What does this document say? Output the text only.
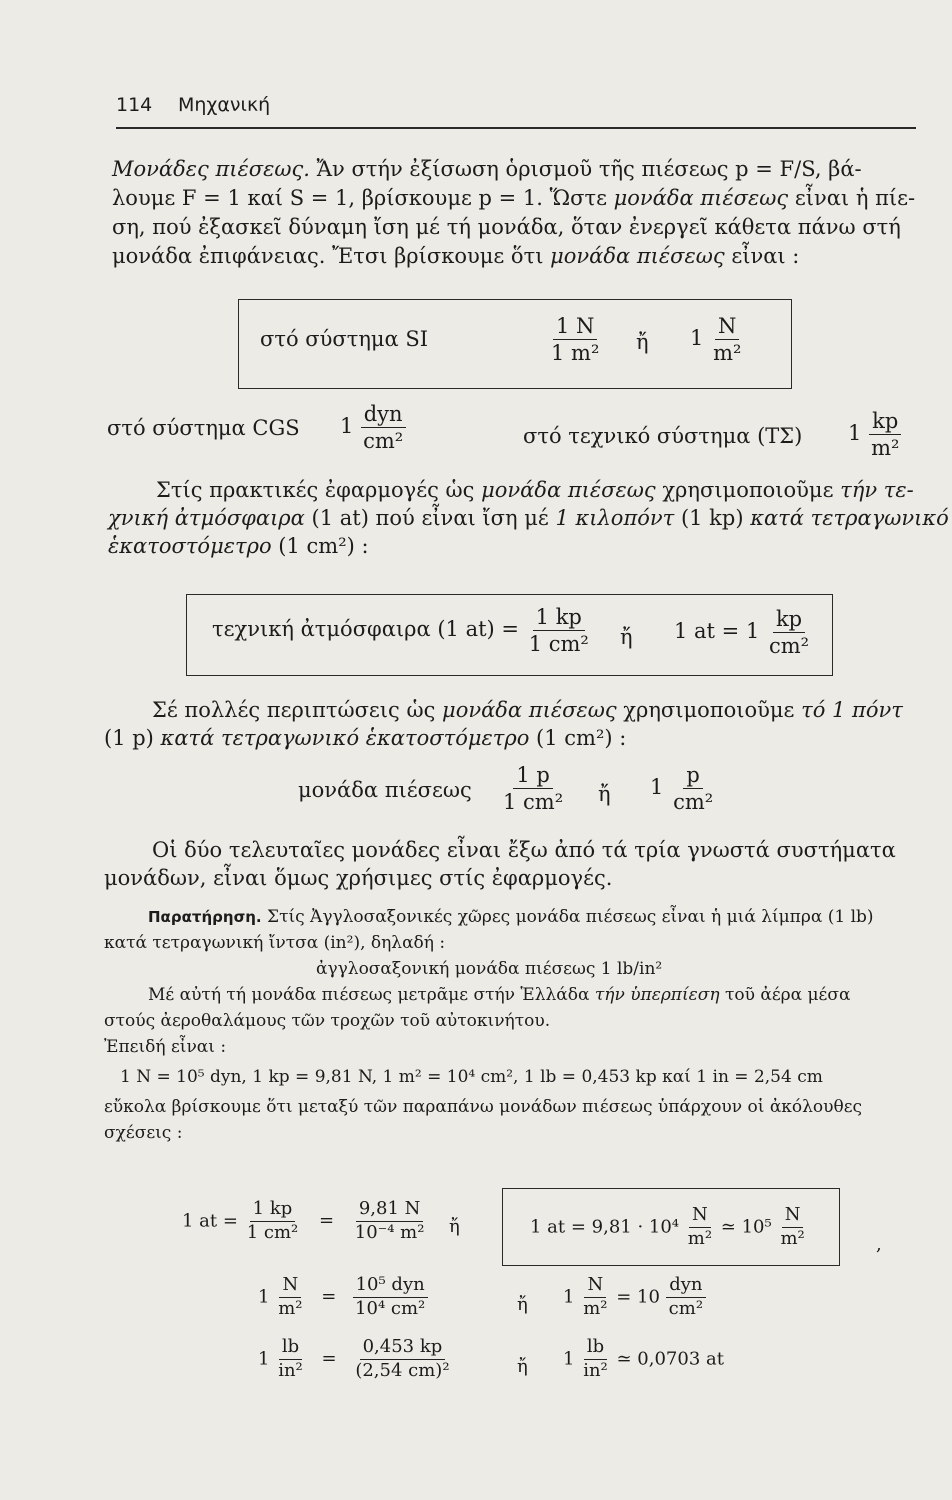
114 Μηχανική
Μονάδες πιέσεως. Ἄν στήν ἐξίσωση ὁρισμοῦ τῆς πιέσεως p = F/S, βά-
λουμε F = 1 καί S = 1, βρίσκουμε p = 1. Ὥστε μονάδα πιέσεως εἶναι ἡ πίε-
ση, πού ἐξασκεῖ δύναμη ἴση μέ τή μονάδα, ὅταν ἐνεργεῖ κάθετα πάνω στή
μονάδα ἐπιφάνειας. Ἔτσι βρίσκουμε ὅτι μονάδα πιέσεως εἶναι :
στό σύστημα SI	$\frac{1 N}{\text{1 m²}}$ ἤ $1 \frac{N}{\text{m²}}$
στό σύστημα CGS $1 \frac{\text{dyn}}{\text{cm²}}$	στό τεχνικό σύστημα (ΤΣ) $1 \frac{kp}{\text{m²}}$
Στίς πρακτικές ἐφαρμογές ὡς μονάδα πιέσεως χρησιμοποιοῦμε τήν τε-
χνική ἀτμόσφαιρα (1 at) πού εἶναι ἴση μέ 1 κιλοπόντ (1 kp) κατά τετραγωνικό
ἑκατοστόμετρο (1 cm²) :
τεχνική ἀτμόσφαιρα (1 $at) = \frac{1 kp}{\text{1 cm²}}$ ἤ 1 at = $1 \frac{kp}{\text{cm²}}$
Σέ πολλές περιπτώσεις ὡς μονάδα πιέσεως χρησιμοποιοῦμε τό 1 πόντ
(1 p) κατά τετραγωνικό ἑκατοστόμετρο (1 cm²) :
μονάδα πιέσεως $\frac{1 p}{\text{1 cm²}}$ ἤ $1 \frac{p}{\text{cm²}}$
Οἱ δύο τελευταῖες μονάδες εἶναι ἔξω ἀπό τά τρία γνωστά συστήματα
μονάδων, εἶναι ὅμως χρήσιμες στίς ἐφαρμογές.
Παρατήρηση. Στίς Ἀγγλοσαξονικές χῶρες μονάδα πιέσεως εἶναι ἡ μιά λίμπρα (1 lb)
κατά τετραγωνική ἴντσα (in²), δηλαδή :
ἀγγλοσαξονική μονάδα πιέσεως 1 lb/in²
Μέ αὐτή τή μονάδα πιέσεως μετρᾶμε στήν Ἑλλάδα τήν ὑπερπίεση τοῦ ἀέρα μέσα
στούς ἀεροθαλάμους τῶν τροχῶν τοῦ αὐτοκινήτου.
Ἐπειδή εἶναι :
1 N = 10⁵ dyn, 1 kp = 9,81 N, 1 m² = 10⁴ cm², 1 lb = 0,453 kp καί 1 in = 2,54 cm
εὔκολα βρίσκουμε ὅτι μεταξύ τῶν παραπάνω μονάδων πιέσεως ὑπάρχουν οἱ ἀκόλουθες
σχέσεις :
1 at = $\frac{1 kp}{\text{1 cm²}} = \frac{9,81 N}{\text{10⁻⁴ m²}}$ ἤ	1 at = $9,81 \cdot 10^4 \frac{N}{\text{m²}}$ ≃ $10^5 \frac{N}{\text{m²}}$	,
$1 \frac{N}{\text{m²}} = \frac{\text{10⁵ dyn}}{\text{10⁴ cm²}}$	ἤ $1 \frac{N}{\text{m²}} = 10 \frac{\text{dyn}}{\text{cm²}}$
$1 \frac{lb}{\text{in²}} = \frac{0,453 kp}{\text{(2,54 cm)²}}$	ἤ $1 \frac{lb}{\text{in²}}$ ≃ 0,0703 at
